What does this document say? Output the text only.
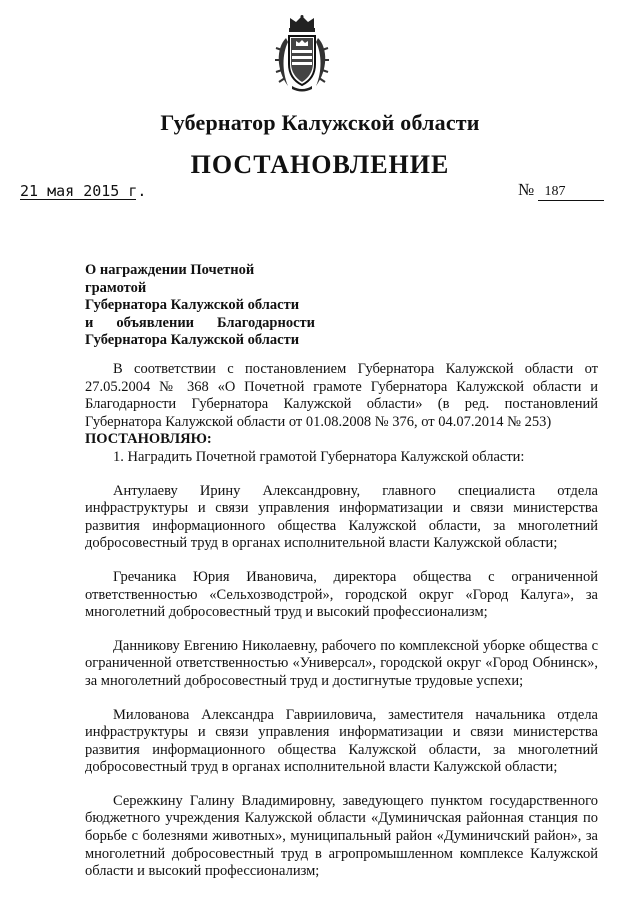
Губернатор Калужской области
ПОСТАНОВЛЕНИЕ
21 мая 2015 г.	№ 187
О награждении Почетной грамотой
Губернатора Калужской области
и объявлении Благодарности
Губернатора Калужской области

В соответствии с постановлением Губернатора Калужской области от 27.05.2004 № 368 «О Почетной грамоте Губернатора Калужской области и Благодарности Губернатора Калужской области» (в ред. постановлений Губернатора Калужской области от 01.08.2008 № 376, от 04.07.2014 № 253)

ПОСТАНОВЛЯЮ:

1. Наградить Почетной грамотой Губернатора Калужской области:

Антулаеву Ирину Александровну, главного специалиста отдела инфраструктуры и связи управления информатизации и связи министерства развития информационного общества Калужской области, за многолетний добросовестный труд в органах исполнительной власти Калужской области;

Гречаника Юрия Ивановича, директора общества с ограниченной ответственностью «Сельхозводстрой», городской округ «Город Калуга», за многолетний добросовестный труд и высокий профессионализм;

Данникову Евгению Николаевну, рабочего по комплексной уборке общества с ограниченной ответственностью «Универсал», городской округ «Город Обнинск», за многолетний добросовестный труд и достигнутые трудовые успехи;

Милованова Александра Гаврииловича, заместителя начальника отдела инфраструктуры и связи управления информатизации и связи министерства развития информационного общества Калужской области, за многолетний добросовестный труд в органах исполнительной власти Калужской области;

Сережкину Галину Владимировну, заведующего пунктом государственного бюджетного учреждения Калужской области «Думиничская районная станция по борьбе с болезнями животных», муниципальный район «Думиничский район», за многолетний добросовестный труд в агропромышленном комплексе Калужской области и высокий профессионализм;
